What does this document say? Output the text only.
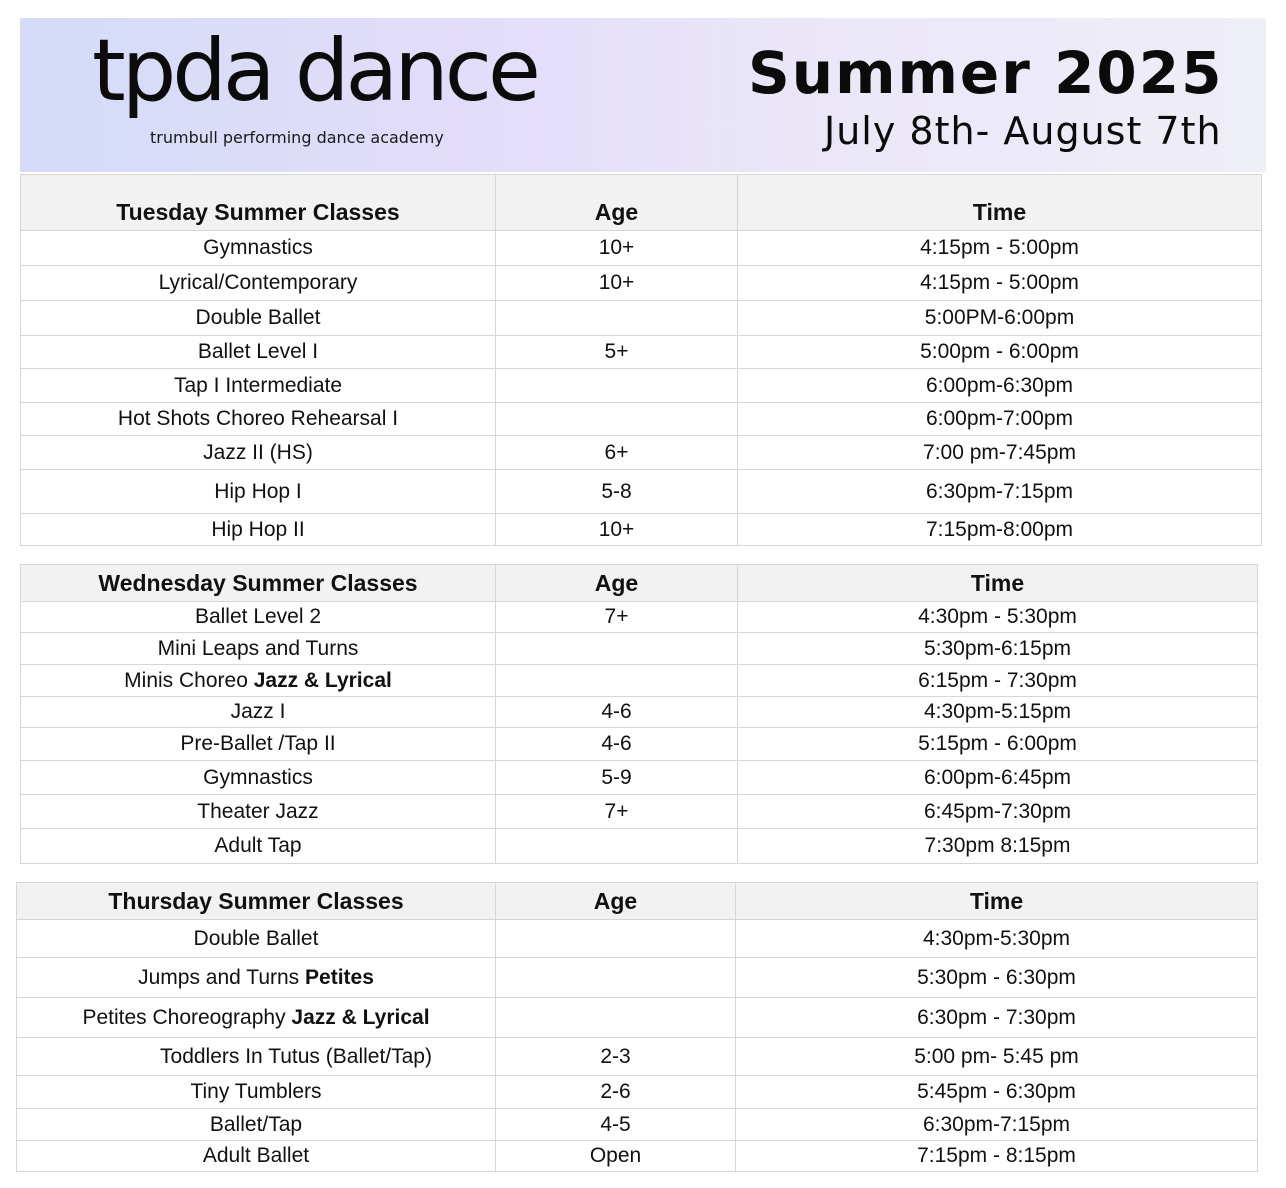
tpda dance
trumbull performing dance academy
Summer 2025
July 8th- August 7th
Tuesday Summer Classes	Age	Time
Gymnastics	10+	4:15pm - 5:00pm
Lyrical/Contemporary	10+	4:15pm - 5:00pm
Double Ballet		5:00PM-6:00pm
Ballet Level I	5+	5:00pm - 6:00pm
Tap I Intermediate		6:00pm-6:30pm
Hot Shots Choreo Rehearsal I		6:00pm-7:00pm
Jazz II (HS)	6+	7:00 pm-7:45pm
Hip Hop I	5-8	6:30pm-7:15pm
Hip Hop II	10+	7:15pm-8:00pm
Wednesday Summer Classes	Age	Time
Ballet Level 2	7+	4:30pm - 5:30pm
Mini Leaps and Turns		5:30pm-6:15pm
Minis Choreo Jazz & Lyrical		6:15pm - 7:30pm
Jazz I	4-6	4:30pm-5:15pm
Pre-Ballet /Tap II	4-6	5:15pm - 6:00pm
Gymnastics	5-9	6:00pm-6:45pm
Theater Jazz	7+	6:45pm-7:30pm
Adult Tap		7:30pm 8:15pm
Thursday Summer Classes	Age	Time
Double Ballet		4:30pm-5:30pm
Jumps and Turns Petites		5:30pm - 6:30pm
Petites Choreography Jazz & Lyrical		6:30pm - 7:30pm
Toddlers In Tutus (Ballet/Tap)	2-3	5:00 pm- 5:45 pm
Tiny Tumblers	2-6	5:45pm - 6:30pm
Ballet/Tap	4-5	6:30pm-7:15pm
Adult Ballet	Open	7:15pm - 8:15pm
